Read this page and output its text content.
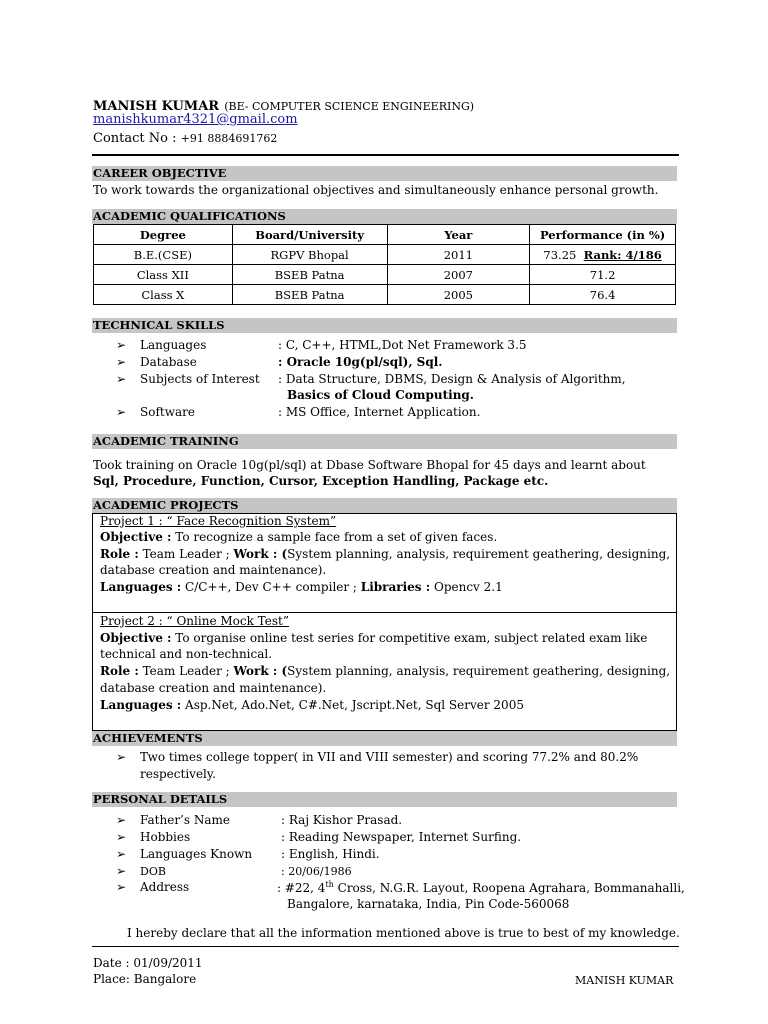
MANISH KUMAR (BE- COMPUTER SCIENCE ENGINEERING)
manishkumar4321@gmail.com
Contact No : +91 8884691762
CAREER OBJECTIVE
To work towards the organizational objectives and simultaneously enhance personal growth.
ACADEMIC QUALIFICATIONS
Degree	Board/University	Year	Performance (in %)
B.E.(CSE)	RGPV Bhopal	2011	73.25 Rank: 4/186
Class XII	BSEB Patna	2007	71.2
Class X	BSEB Patna	2005	76.4
TECHNICAL SKILLS
➢ Languages	: C, C++, HTML,Dot Net Framework 3.5
➢ Database	: Oracle 10g(pl/sql), Sql.
➢ Subjects of Interest : Data Structure, DBMS, Design & Analysis of Algorithm,
Basics of Cloud Computing.
➢ Software	: MS Office, Internet Application.
ACADEMIC TRAINING
Took training on Oracle 10g(pl/sql) at Dbase Software Bhopal for 45 days and learnt about
Sql, Procedure, Function, Cursor, Exception Handling, Package etc.
ACADEMIC PROJECTS
Project 1 : “ Face Recognition System”
Objective : To recognize a sample face from a set of given faces.
Role : Team Leader ; Work : (System planning, analysis, requirement geathering, designing,
database creation and maintenance).
Languages : C/C++, Dev C++ compiler ; Libraries : Opencv 2.1
Project 2 : “ Online Mock Test”
Objective : To organise online test series for competitive exam, subject related exam like
technical and non-technical.
Role : Team Leader ; Work : (System planning, analysis, requirement geathering, designing,
database creation and maintenance).
Languages : Asp.Net, Ado.Net, C#.Net, Jscript.Net, Sql Server 2005
ACHIEVEMENTS
➢ Two times college topper( in VII and VIII semester) and scoring 77.2% and 80.2%
respectively.
PERSONAL DETAILS
➢ Father’s Name	: Raj Kishor Prasad.
➢ Hobbies	: Reading Newspaper, Internet Surfing.
➢ Languages Known : English, Hindi.
➢ DOB	: 20/06/1986
➢ Address	: #22, 4th Cross, N.G.R. Layout, Roopena Agrahara, Bommanahalli,
Bangalore, karnataka, India, Pin Code-560068
I hereby declare that all the information mentioned above is true to best of my knowledge.
Date : 01/09/2011
Place: Bangalore	MANISH KUMAR
